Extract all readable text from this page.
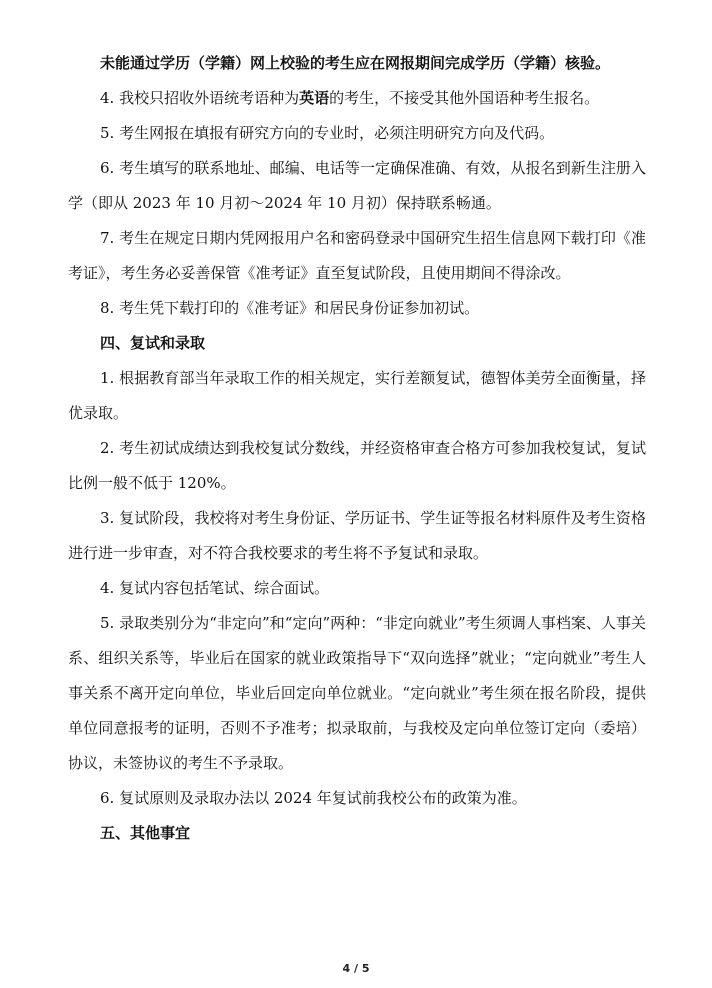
未能通过学历（学籍）网上校验的考生应在网报期间完成学历（学籍）核验。

4. 我校只招收外语统考语种为英语的考生，不接受其他外国语种考生报名。

5. 考生网报在填报有研究方向的专业时，必须注明研究方向及代码。

6. 考生填写的联系地址、邮编、电话等一定确保准确、有效，从报名到新生注册入学（即从 2023 年 10 月初～2024 年 10 月初）保持联系畅通。

7. 考生在规定日期内凭网报用户名和密码登录中国研究生招生信息网下载打印《准考证》，考生务必妥善保管《准考证》直至复试阶段，且使用期间不得涂改。

8. 考生凭下载打印的《准考证》和居民身份证参加初试。

四、复试和录取

1. 根据教育部当年录取工作的相关规定，实行差额复试，德智体美劳全面衡量，择优录取。

2. 考生初试成绩达到我校复试分数线，并经资格审查合格方可参加我校复试，复试比例一般不低于 120%。

3. 复试阶段，我校将对考生身份证、学历证书、学生证等报名材料原件及考生资格进行进一步审查，对不符合我校要求的考生将不予复试和录取。

4. 复试内容包括笔试、综合面试。

5. 录取类别分为“非定向”和“定向”两种：“非定向就业”考生须调人事档案、人事关系、组织关系等，毕业后在国家的就业政策指导下“双向选择”就业；“定向就业”考生人事关系不离开定向单位，毕业后回定向单位就业。“定向就业”考生须在报名阶段，提供单位同意报考的证明，否则不予准考；拟录取前，与我校及定向单位签订定向（委培）协议，未签协议的考生不予录取。

6. 复试原则及录取办法以 2024 年复试前我校公布的政策为准。

五、其他事宜

4 / 5
